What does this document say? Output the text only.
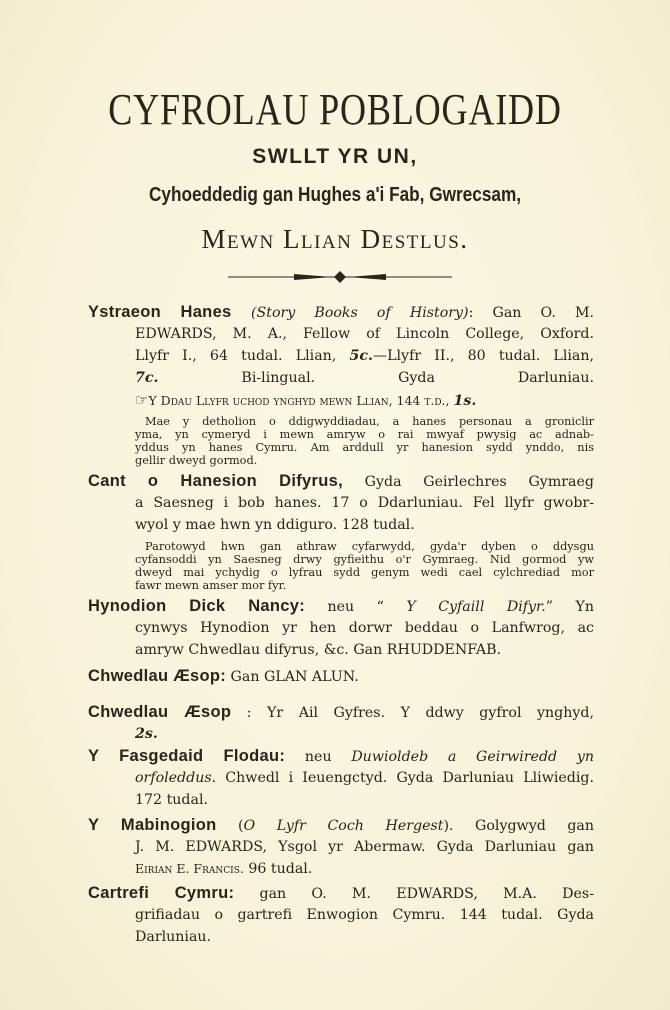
CYFROLAU POBLOGAIDD
SWLLT YR UN,
Cyhoeddedig gan Hughes a'i Fab, Gwrecsam,
Mewn Llian Destlus.
Ystraeon Hanes (Story Books of History): Gan O. M.
EDWARDS, M. A., Fellow of Lincoln College, Oxford.
Llyfr I., 64 tudal. Llian, 5c.—Llyfr II., 80 tudal. Llian,
7c. Bi-lingual. Gyda Darluniau.
☞Y Ddau Llyfr uchod ynghyd mewn Llian, 144 t.d., 1s.
Mae y detholion o ddigwyddiadau, a hanes personau a groniclir
yma, yn cymeryd i mewn amryw o rai mwyaf pwysig ac adnab-
yddus yn hanes Cymru. Am arddull yr hanesion sydd ynddo, nis
gellir dweyd gormod.
Cant o Hanesion Difyrus, Gyda Geirlechres Gymraeg
a Saesneg i bob hanes. 17 o Ddarluniau. Fel llyfr gwobr-
wyol y mae hwn yn ddiguro. 128 tudal.
Parotowyd hwn gan athraw cyfarwydd, gyda'r dyben o ddysgu
cyfansoddi yn Saesneg drwy gyfieithu o'r Gymraeg. Nid gormod yw
dweyd mai ychydig o lyfrau sydd genym wedi cael cylchrediad mor
fawr mewn amser mor fyr.
Hynodion Dick Nancy: neu “ Y Cyfaill Difyr.” Yn
cynwys Hynodion yr hen dorwr beddau o Lanfwrog, ac
amryw Chwedlau difyrus, &c. Gan RHUDDENFAB.
Chwedlau Æsop: Gan GLAN ALUN.
Chwedlau Æsop : Yr Ail Gyfres. Y ddwy gyfrol ynghyd,
2s.
Y Fasgedaid Flodau: neu Duwioldeb a Geirwiredd yn
orfoleddus. Chwedl i Ieuengctyd. Gyda Darluniau Lliwiedig.
172 tudal.
Y Mabinogion (O Lyfr Coch Hergest). Golygwyd gan
J. M. EDWARDS, Ysgol yr Abermaw. Gyda Darluniau gan
Eirian E. Francis. 96 tudal.
Cartrefi Cymru: gan O. M. EDWARDS, M.A. Des-
grifiadau o gartrefi Enwogion Cymru. 144 tudal. Gyda
Darluniau.
